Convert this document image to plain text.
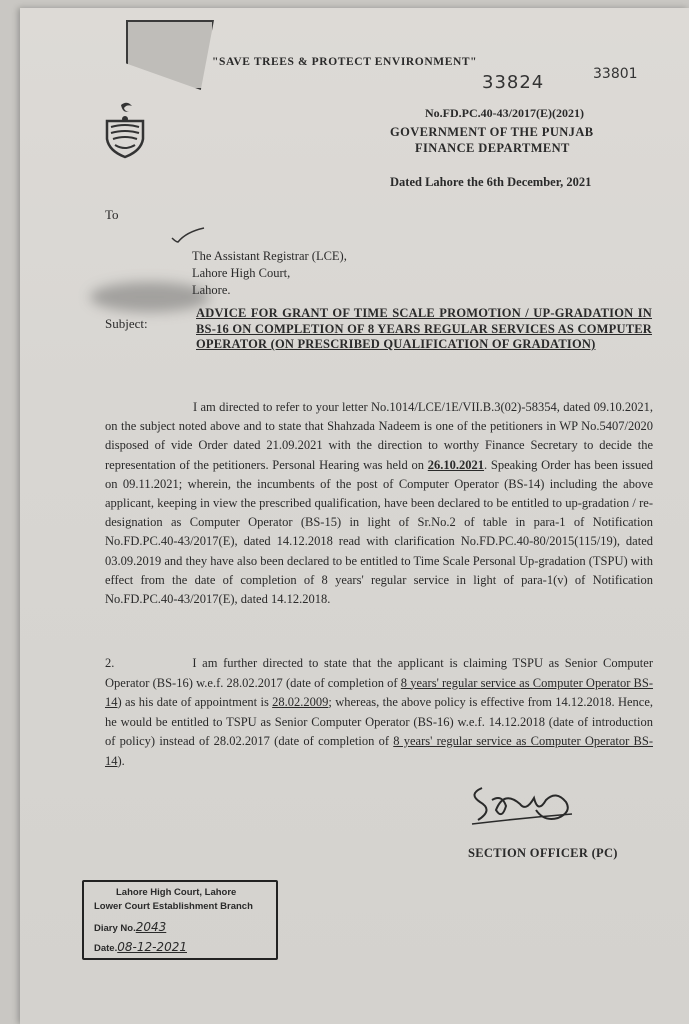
"SAVE TREES & PROTECT ENVIRONMENT"
33824	33801
No.FD.PC.40-43/2017(E)(2021)
GOVERNMENT OF THE PUNJAB
FINANCE DEPARTMENT
Dated Lahore the 6th December, 2021
To
The Assistant Registrar (LCE),
Lahore High Court,
Lahore.
Subject:
ADVICE FOR GRANT OF TIME SCALE PROMOTION / UP-GRADATION IN BS-16 ON COMPLETION OF 8 YEARS REGULAR SERVICES AS COMPUTER OPERATOR (ON PRESCRIBED QUALIFICATION OF GRADATION)
I am directed to refer to your letter No.1014/LCE/1E/VII.B.3(02)-58354, dated 09.10.2021, on the subject noted above and to state that Shahzada Nadeem is one of the petitioners in WP No.5407/2020 disposed of vide Order dated 21.09.2021 with the direction to worthy Finance Secretary to decide the representation of the petitioners. Personal Hearing was held on 26.10.2021. Speaking Order has been issued on 09.11.2021; wherein, the incumbents of the post of Computer Operator (BS-14) including the above applicant, keeping in view the prescribed qualification, have been declared to be entitled to up-gradation / re-designation as Computer Operator (BS-15) in light of Sr.No.2 of table in para-1 of Notification No.FD.PC.40-43/2017(E), dated 14.12.2018 read with clarification No.FD.PC.40-80/2015(115/19), dated 03.09.2019 and they have also been declared to be entitled to Time Scale Personal Up-gradation (TSPU) with effect from the date of completion of 8 years' regular service in light of para-1(v) of Notification No.FD.PC.40-43/2017(E), dated 14.12.2018.
2.	I am further directed to state that the applicant is claiming TSPU as Senior Computer Operator (BS-16) w.e.f. 28.02.2017 (date of completion of 8 years' regular service as Computer Operator BS-14) as his date of appointment is 28.02.2009; whereas, the above policy is effective from 14.12.2018. Hence, he would be entitled to TSPU as Senior Computer Operator (BS-16) w.e.f. 14.12.2018 (date of introduction of policy) instead of 28.02.2017 (date of completion of 8 years' regular service as Computer Operator BS-14).
SECTION OFFICER (PC)
Lahore High Court, Lahore
Lower Court Establishment Branch
Diary No.2043
Date.08-12-2021
